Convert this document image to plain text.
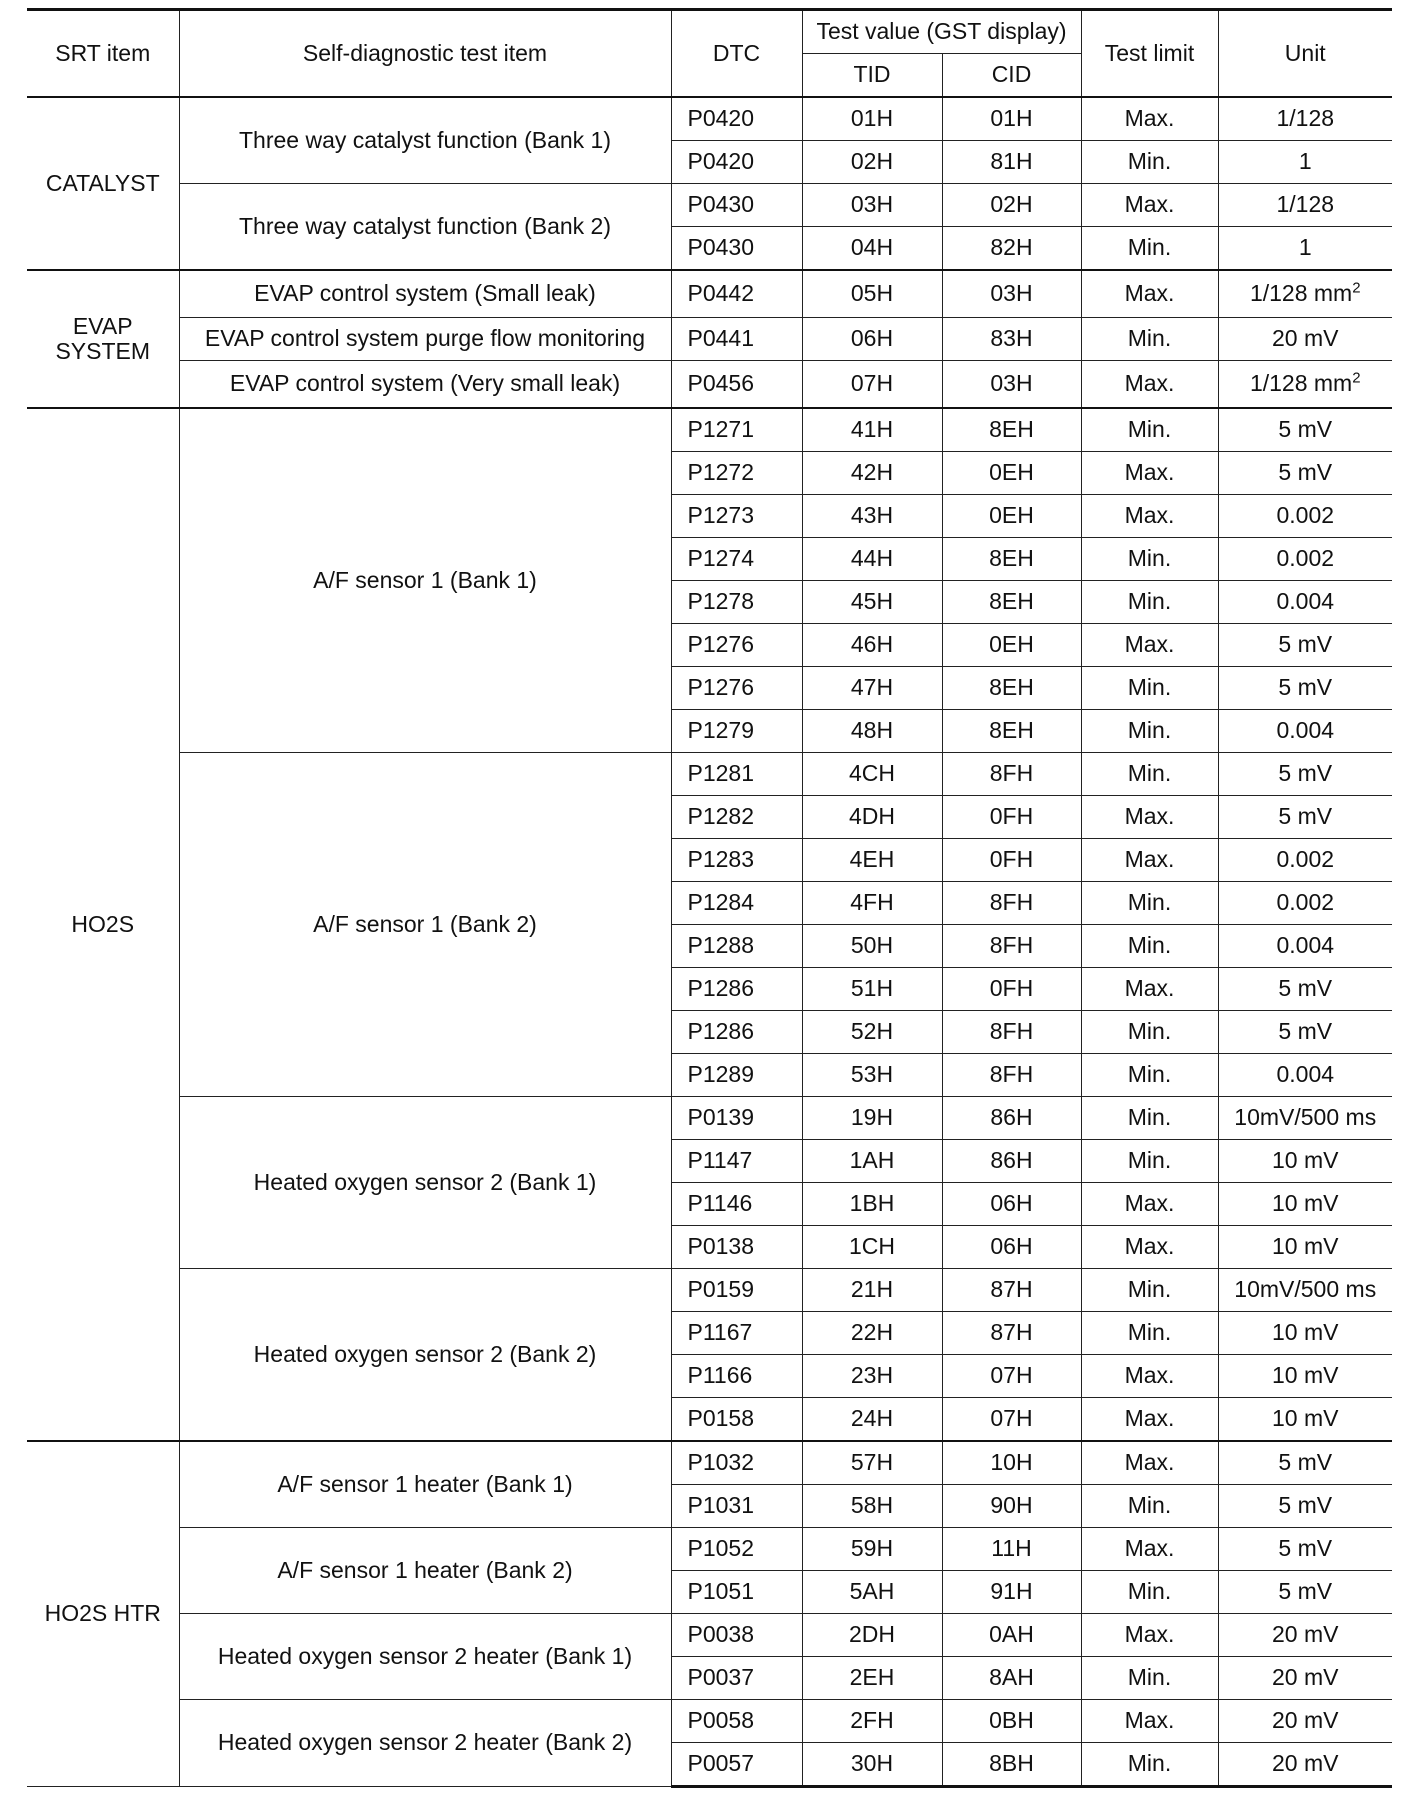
SRT item	Self-diagnostic test item	DTC	Test value (GST display)		Test limit	Unit
			TID	CID		
CATALYST	Three way catalyst function (Bank 1)	P0420	01H	01H	Max.	1/128
		P0420	02H	81H	Min.	1
	Three way catalyst function (Bank 2)	P0430	03H	02H	Max.	1/128
		P0430	04H	82H	Min.	1
EVAP SYSTEM	EVAP control system (Small leak)	P0442	05H	03H	Max.	1/128 $mm^2$
	EVAP control system purge flow monitoring	P0441	06H	83H	Min.	20 mV
	EVAP control system (Very small leak)	P0456	07H	03H	Max.	1/128 $mm^2$
HO2S	A/F sensor 1 (Bank 1)	P1271	41H	8EH	Min.	5 mV
		P1272	42H	0EH	Max.	5 mV
		P1273	43H	0EH	Max.	0.002
		P1274	44H	8EH	Min.	0.002
		P1278	45H	8EH	Min.	0.004
		P1276	46H	0EH	Max.	5 mV
		P1276	47H	8EH	Min.	5 mV
		P1279	48H	8EH	Min.	0.004
	A/F sensor 1 (Bank 2)	P1281	4CH	8FH	Min.	5 mV
		P1282	4DH	0FH	Max.	5 mV
		P1283	4EH	0FH	Max.	0.002
		P1284	4FH	8FH	Min.	0.002
		P1288	50H	8FH	Min.	0.004
		P1286	51H	0FH	Max.	5 mV
		P1286	52H	8FH	Min.	5 mV
		P1289	53H	8FH	Min.	0.004
	Heated oxygen sensor 2 (Bank 1)	P0139	19H	86H	Min.	10mV/500 ms
		P1147	1AH	86H	Min.	10 mV
		P1146	1BH	06H	Max.	10 mV
		P0138	1CH	06H	Max.	10 mV
	Heated oxygen sensor 2 (Bank 2)	P0159	21H	87H	Min.	10mV/500 ms
		P1167	22H	87H	Min.	10 mV
		P1166	23H	07H	Max.	10 mV
		P0158	24H	07H	Max.	10 mV
HO2S HTR	A/F sensor 1 heater (Bank 1)	P1032	57H	10H	Max.	5 mV
		P1031	58H	90H	Min.	5 mV
	A/F sensor 1 heater (Bank 2)	P1052	59H	11H	Max.	5 mV
		P1051	5AH	91H	Min.	5 mV
	Heated oxygen sensor 2 heater (Bank 1)	P0038	2DH	0AH	Max.	20 mV
		P0037	2EH	8AH	Min.	20 mV
	Heated oxygen sensor 2 heater (Bank 2)	P0058	2FH	0BH	Max.	20 mV
		P0057	30H	8BH	Min.	20 mV
